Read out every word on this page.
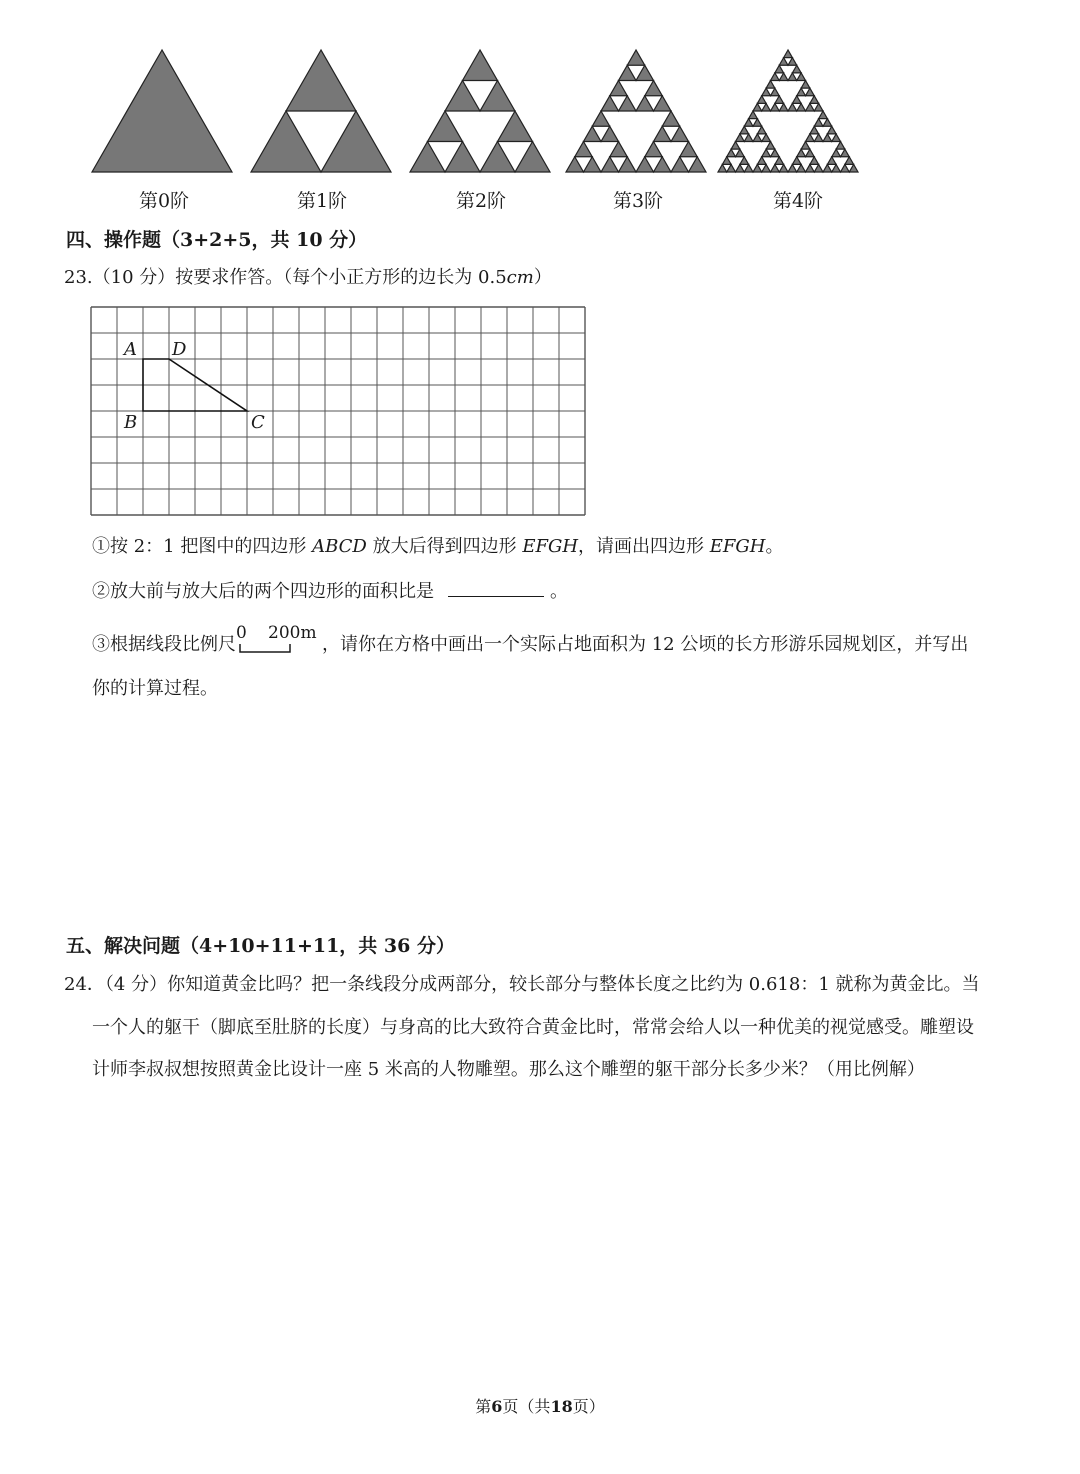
第0阶	第1阶	第2阶	第3阶	第4阶
四、操作题（3+2+5，共 10 分）
23.（10 分）按要求作答。（每个小正方形的边长为 0.5cm）
A D
B	C
①按 2：1 把图中的四边形 ABCD 放大后得到四边形 EFGH，请画出四边形 EFGH。
②放大前与放大后的两个四边形的面积比是	。
③根据线段比例尺
0 200m
，请你在方格中画出一个实际占地面积为 12 公顷的长方形游乐园规划区，并写出
你的计算过程。
五、解决问题（4+10+11+11，共 36 分）
24．（4 分）你知道黄金比吗？把一条线段分成两部分，较长部分与整体长度之比约为 0.618：1 就称为黄金比。当
一个人的躯干（脚底至肚脐的长度）与身高的比大致符合黄金比时，常常会给人以一种优美的视觉感受。雕塑设
计师李叔叔想按照黄金比设计一座 5 米高的人物雕塑。那么这个雕塑的躯干部分长多少米？（用比例解）
第6页（共18页）
